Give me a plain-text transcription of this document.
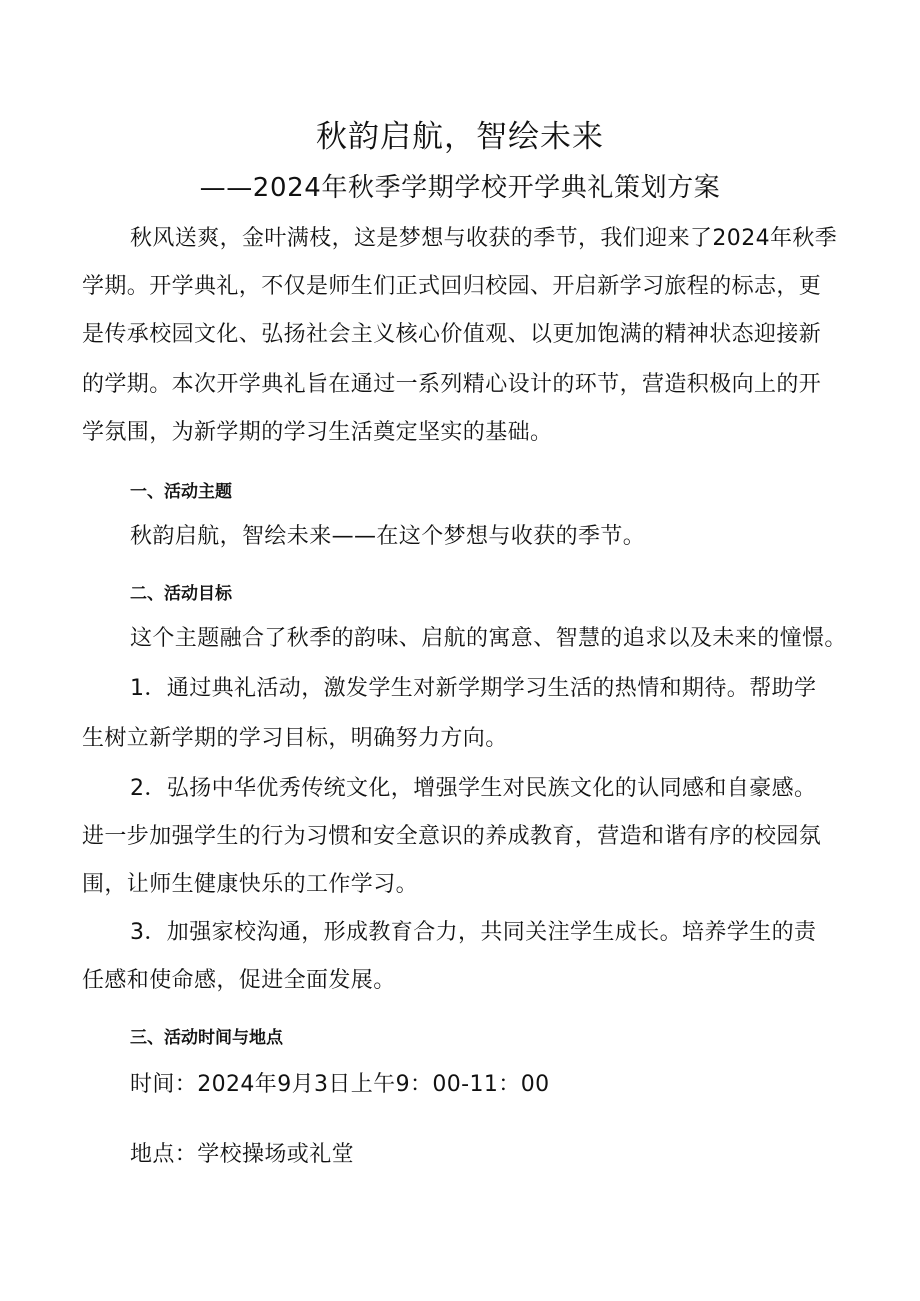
秋韵启航，智绘未来
——2024年秋季学期学校开学典礼策划方案
秋风送爽，金叶满枝，这是梦想与收获的季节，我们迎来了2024年秋季
学期。开学典礼，不仅是师生们正式回归校园、开启新学习旅程的标志，更
是传承校园文化、弘扬社会主义核心价值观、以更加饱满的精神状态迎接新
的学期。本次开学典礼旨在通过一系列精心设计的环节，营造积极向上的开
学氛围，为新学期的学习生活奠定坚实的基础。
一、活动主题
秋韵启航，智绘未来——在这个梦想与收获的季节。
二、活动目标
这个主题融合了秋季的韵味、启航的寓意、智慧的追求以及未来的憧憬。
1．通过典礼活动，激发学生对新学期学习生活的热情和期待。帮助学
生树立新学期的学习目标，明确努力方向。
2．弘扬中华优秀传统文化，增强学生对民族文化的认同感和自豪感。
进一步加强学生的行为习惯和安全意识的养成教育，营造和谐有序的校园氛
围，让师生健康快乐的工作学习。
3．加强家校沟通，形成教育合力，共同关注学生成长。培养学生的责
任感和使命感，促进全面发展。
三、活动时间与地点
时间：2024年9月3日上午9：00-11：00
地点：学校操场或礼堂
